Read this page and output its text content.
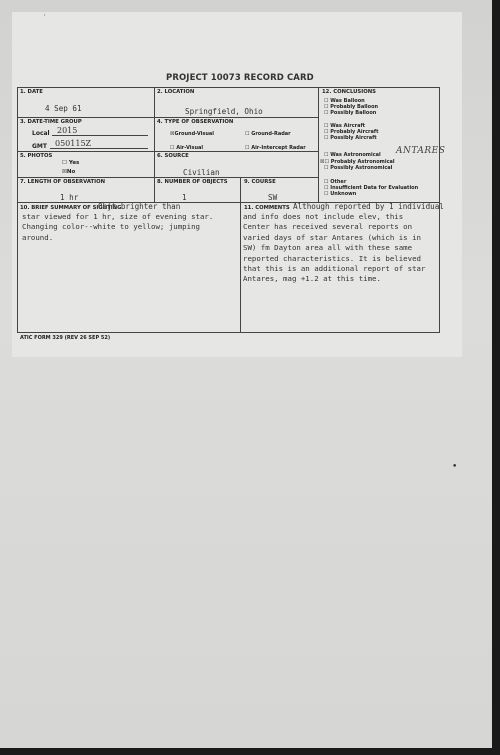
PROJECT 10073 RECORD CARD
1. DATE
4 Sep 61
2. LOCATION
Springfield, Ohio
3. DATE-TIME GROUP
Local 2015
GMT 050115Z
4. TYPE OF OBSERVATION
☒Ground-Visual	☐ Ground-Radar
☐ Air-Visual	☐ Air-Intercept Radar
5. PHOTOS
☐ Yes
☒No
6. SOURCE
Civilian
7. LENGTH OF OBSERVATION
1 hr
8. NUMBER OF OBJECTS
1
9. COURSE
SW
12. CONCLUSIONS
☐ Was Balloon
☐ Probably Balloon
☐ Possibly Balloon
☐ Was Aircraft
☐ Probably Aircraft
☐ Possibly Aircraft
☐ Was Astronomical ANTARES
☒☐ Probably Astronomical
☐ Possibly Astronomical
☐ Other
☐ Insufficient Data for Evaluation
☐ Unknown
10. BRIEF SUMMARY OF SIGHTING
Objt brighter than
star viewed for 1 hr, size of evening star.
Changing color--white to yellow; jumping
around.
11. COMMENTS Although reported by 1 individual
and info does not include elev, this
Center has received several reports on
varied days of star Antares (which is in
SW) fm Dayton area all with these same
reported characteristics. It is believed
that this is an additional report of star
Antares, mag +1.2 at this time.
ATIC FORM 329 (REV 26 SEP 52)
'
•
